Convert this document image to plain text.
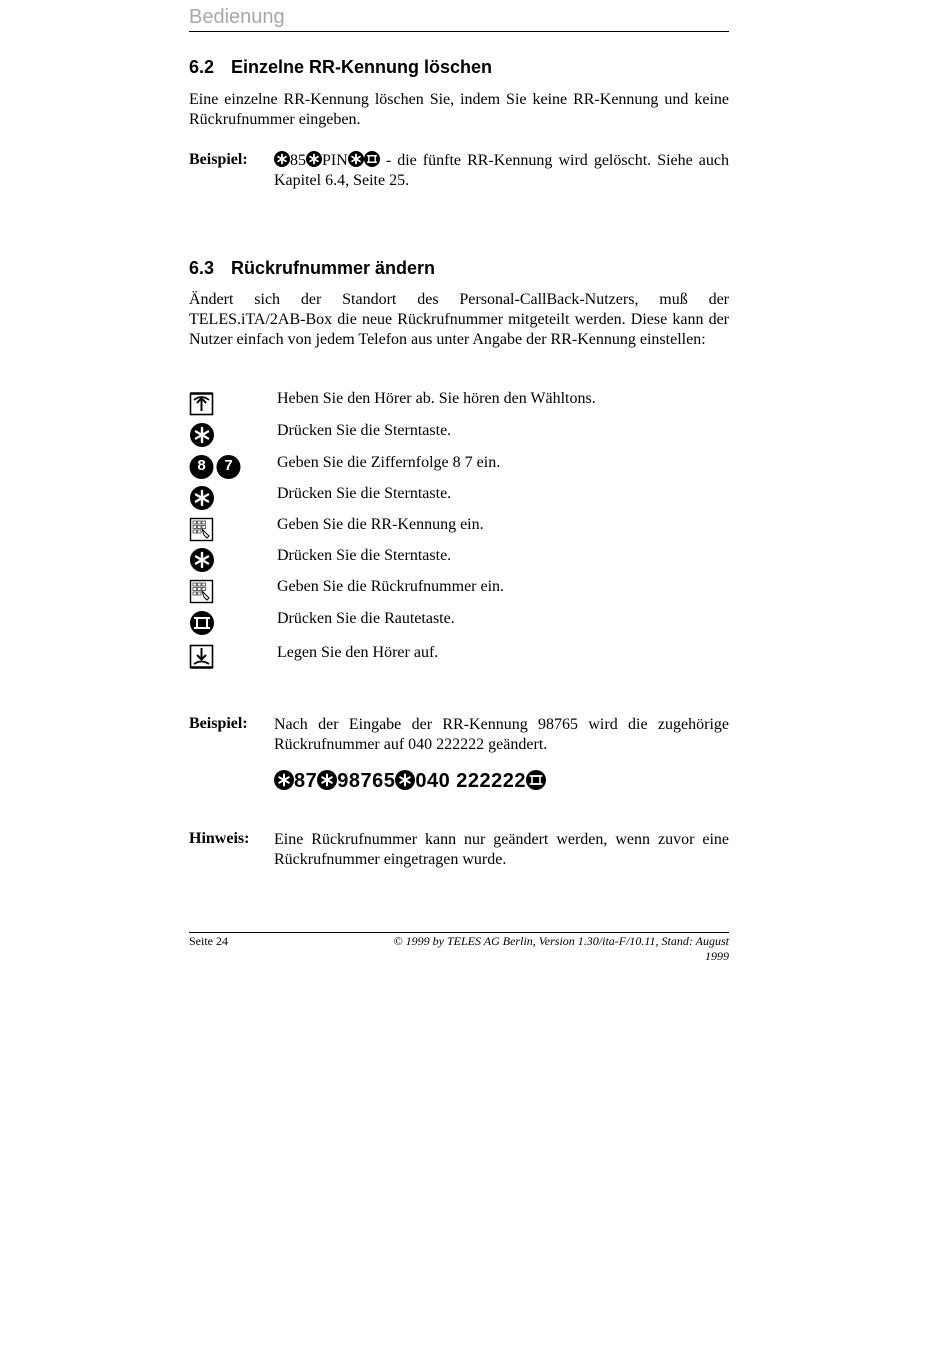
Bedienung
6.2 Einzelne RR-Kennung löschen
Eine einzelne RR-Kennung löschen Sie, indem Sie keine RR-Kennung und keine Rückrufnummer eingeben.
Beispiel:	85 PIN
- die fünfte RR-Kennung wird gelöscht. Siehe auch Kapitel 6.4, Seite 25.
6.3 Rückrufnummer ändern
Ändert sich der Standort des Personal-CallBack-Nutzers, muß der TELES.iTA/2AB-Box die neue Rückrufnummer mitgeteilt werden. Diese kann der Nutzer einfach von jedem Telefon aus unter Angabe der RR-Kennung einstellen:
Heben Sie den Hörer ab. Sie hören den Wähltons.
Drücken Sie die Sterntaste.
8	7	Geben Sie die Ziffernfolge 8 7 ein.
Drücken Sie die Sterntaste.
Geben Sie die RR-Kennung ein.
Drücken Sie die Sterntaste.
Geben Sie die Rückrufnummer ein.
Drücken Sie die Rautetaste.
Legen Sie den Hörer auf.
Beispiel: Nach der Eingabe der RR-Kennung 98765 wird die zugehörige Rückrufnummer auf 040 222222 geändert.
87 98765 040 222222
Hinweis: Eine Rückrufnummer kann nur geändert werden, wenn zuvor eine Rückrufnummer eingetragen wurde.
Seite 24	© 1999 by TELES AG Berlin, Version 1.30/ita-F/10.11, Stand: August 1999
